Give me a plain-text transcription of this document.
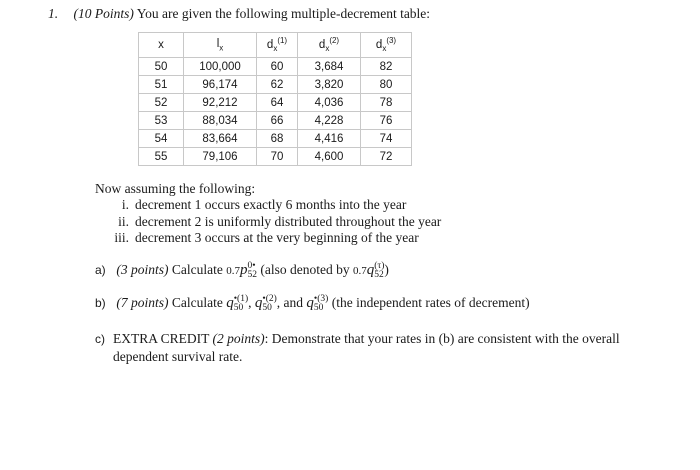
1. (10 Points) You are given the following multiple-decrement table:
x	$l_x$	$d_x^{(1)}$	$d_x^{(2)}$	$d_x^{(3)}$
50	100,000	60	3,684	82
51	96,174	62	3,820	80
52	92,212	64	4,036	78
53	88,034	66	4,228	76
54	83,664	68	4,416	74
55	79,106	70	4,600	72
Now assuming the following:
i. decrement 1 occurs exactly 6 months into the year
ii. decrement 2 is uniformly distributed throughout the year
iii. decrement 3 occurs at the very beginning of the year
a) (3 points) Calculate 0.7p 0•
52 (also denoted by 0.7q (τ)
52 )
b) (7 points) Calculate q •(1)
50 , q •(2)
50 , and q •(3)
50 (the independent rates of decrement)
c) EXTRA CREDIT (2 points): Demonstrate that your rates in (b) are consistent with the overall
dependent survival rate.
